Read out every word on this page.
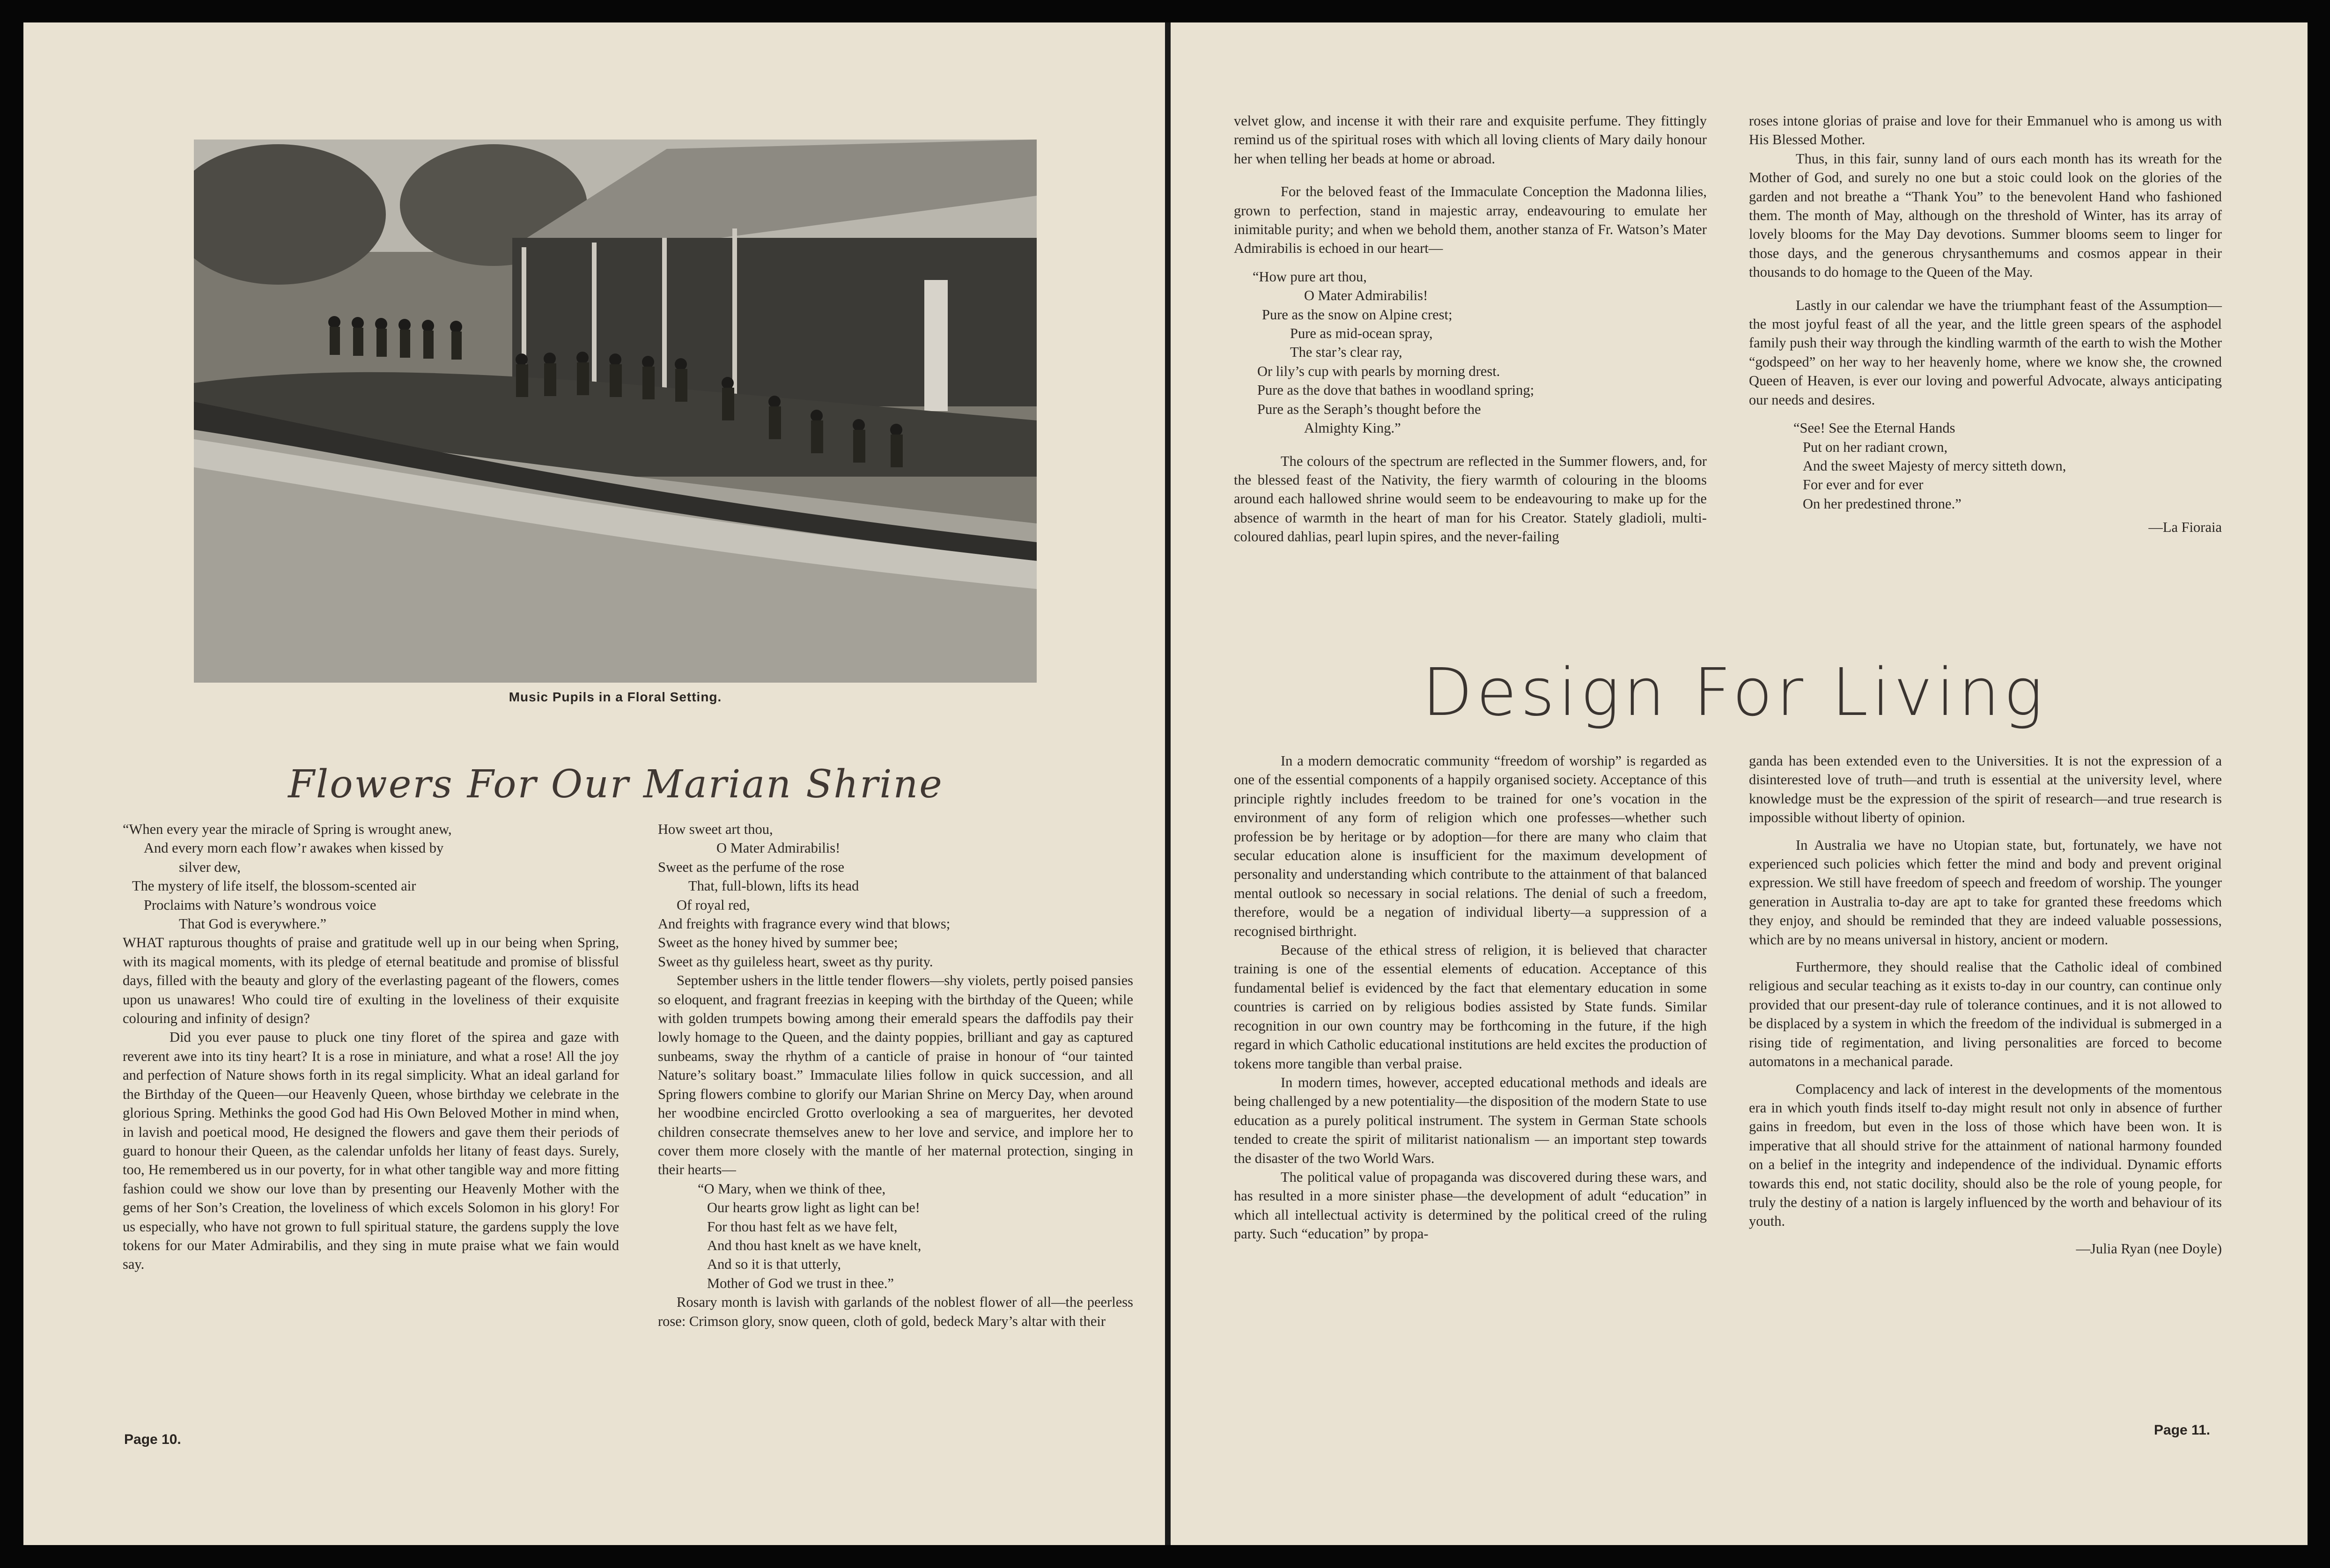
Music Pupils in a Floral Setting.
Flowers For Our Marian Shrine
“When every year the miracle of Spring is wrought anew,
And every morn each flow’r awakes when kissed by
silver dew,
The mystery of life itself, the blossom-scented air
Proclaims with Nature’s wondrous voice
That God is everywhere.”

WHAT rapturous thoughts of praise and gratitude well up in our being when Spring, with its magical moments, with its pledge of eternal beatitude and promise of blissful days, filled with the beauty and glory of the everlasting pageant of the flowers, comes upon us unawares! Who could tire of exulting in the loveliness of their exquisite colouring and infinity of design?

Did you ever pause to pluck one tiny floret of the spirea and gaze with reverent awe into its tiny heart? It is a rose in miniature, and what a rose! All the joy and perfection of Nature shows forth in its regal simplicity. What an ideal garland for the Birthday of the Queen—our Heavenly Queen, whose birthday we celebrate in the glorious Spring. Methinks the good God had His Own Beloved Mother in mind when, in lavish and poetical mood, He designed the flowers and gave them their periods of guard to honour their Queen, as the calendar unfolds her litany of feast days. Surely, too, He remembered us in our poverty, for in what other tangible way and more fitting fashion could we show our love than by presenting our Heavenly Mother with the gems of her Son’s Creation, the loveliness of which excels Solomon in his glory! For us especially, who have not grown to full spiritual stature, the gardens supply the love tokens for our Mater Admirabilis, and they sing in mute praise what we fain would say.

How sweet art thou,
O Mater Admirabilis!
Sweet as the perfume of the rose
That, full-blown, lifts its head
Of royal red,
And freights with fragrance every wind that blows;
Sweet as the honey hived by summer bee;
Sweet as thy guileless heart, sweet as thy purity.

September ushers in the little tender flowers—shy violets, pertly poised pansies so eloquent, and fragrant freezias in keeping with the birthday of the Queen; while with golden trumpets bowing among their emerald spears the daffodils pay their lowly homage to the Queen, and the dainty poppies, brilliant and gay as captured sunbeams, sway the rhythm of a canticle of praise in honour of “our tainted Nature’s solitary boast.” Immaculate lilies follow in quick succession, and all Spring flowers combine to glorify our Marian Shrine on Mercy Day, when around her woodbine encircled Grotto overlooking a sea of marguerites, her devoted children consecrate themselves anew to her love and service, and implore her to cover them more closely with the mantle of her maternal protection, singing in their hearts—

“O Mary, when we think of thee,
Our hearts grow light as light can be!
For thou hast felt as we have felt,
And thou hast knelt as we have knelt,
And so it is that utterly,
Mother of God we trust in thee.”

Rosary month is lavish with garlands of the noblest flower of all—the peerless rose: Crimson glory, snow queen, cloth of gold, bedeck Mary’s altar with their

Page 10.

velvet glow, and incense it with their rare and exquisite perfume. They fittingly remind us of the spiritual roses with which all loving clients of Mary daily honour her when telling her beads at home or abroad.

For the beloved feast of the Immaculate Conception the Madonna lilies, grown to perfection, stand in majestic array, endeavouring to emulate her inimitable purity; and when we behold them, another stanza of Fr. Watson’s Mater Admirabilis is echoed in our heart—

“How pure art thou,
O Mater Admirabilis!
Pure as the snow on Alpine crest;
Pure as mid-ocean spray,
The star’s clear ray,
Or lily’s cup with pearls by morning drest.
Pure as the dove that bathes in woodland spring;
Pure as the Seraph’s thought before the
Almighty King.”

The colours of the spectrum are reflected in the Summer flowers, and, for the blessed feast of the Nativity, the fiery warmth of colouring in the blooms around each hallowed shrine would seem to be endeavouring to make up for the absence of warmth in the heart of man for his Creator. Stately gladioli, multi-coloured dahlias, pearl lupin spires, and the never-failing

roses intone glorias of praise and love for their Emmanuel who is among us with His Blessed Mother.

Thus, in this fair, sunny land of ours each month has its wreath for the Mother of God, and surely no one but a stoic could look on the glories of the garden and not breathe a “Thank You” to the benevolent Hand who fashioned them. The month of May, although on the threshold of Winter, has its array of lovely blooms for the May Day devotions. Summer blooms seem to linger for those days, and the generous chrysanthemums and cosmos appear in their thousands to do homage to the Queen of the May.

Lastly in our calendar we have the triumphant feast of the Assumption—the most joyful feast of all the year, and the little green spears of the asphodel family push their way through the kindling warmth of the earth to wish the Mother “godspeed” on her way to her heavenly home, where we know she, the crowned Queen of Heaven, is ever our loving and powerful Advocate, always anticipating our needs and desires.

“See! See the Eternal Hands
Put on her radiant crown,
And the sweet Majesty of mercy sitteth down,
For ever and for ever
On her predestined throne.”

—La Fioraia

Design For Living

In a modern democratic community “freedom of worship” is regarded as one of the essential components of a happily organised society. Acceptance of this principle rightly includes freedom to be trained for one’s vocation in the environment of any form of religion which one professes—whether such profession be by heritage or by adoption—for there are many who claim that secular education alone is insufficient for the maximum development of personality and understanding which contribute to the attainment of that balanced mental outlook so necessary in social relations. The denial of such a freedom, therefore, would be a negation of individual liberty—a suppression of a recognised birthright.

Because of the ethical stress of religion, it is believed that character training is one of the essential elements of education. Acceptance of this fundamental belief is evidenced by the fact that elementary education in some countries is carried on by religious bodies assisted by State funds. Similar recognition in our own country may be forthcoming in the future, if the high regard in which Catholic educational institutions are held excites the production of tokens more tangible than verbal praise.

In modern times, however, accepted educational methods and ideals are being challenged by a new potentiality—the disposition of the modern State to use education as a purely political instrument. The system in German State schools tended to create the spirit of militarist nationalism — an important step towards the disaster of the two World Wars.

The political value of propaganda was discovered during these wars, and has resulted in a more sinister phase—the development of adult “education” in which all intellectual activity is determined by the political creed of the ruling party. Such “education” by propa-

ganda has been extended even to the Universities. It is not the expression of a disinterested love of truth—and truth is essential at the university level, where knowledge must be the expression of the spirit of research—and true research is impossible without liberty of opinion.

In Australia we have no Utopian state, but, fortunately, we have not experienced such policies which fetter the mind and body and prevent original expression. We still have freedom of speech and freedom of worship. The younger generation in Australia to-day are apt to take for granted these freedoms which they enjoy, and should be reminded that they are indeed valuable possessions, which are by no means universal in history, ancient or modern.

Furthermore, they should realise that the Catholic ideal of combined religious and secular teaching as it exists to-day in our country, can continue only provided that our present-day rule of tolerance continues, and it is not allowed to be displaced by a system in which the freedom of the individual is submerged in a rising tide of regimentation, and living personalities are forced to become automatons in a mechanical parade.

Complacency and lack of interest in the developments of the momentous era in which youth finds itself to-day might result not only in absence of further gains in freedom, but even in the loss of those which have been won. It is imperative that all should strive for the attainment of national harmony founded on a belief in the integrity and independence of the individual. Dynamic efforts towards this end, not static docility, should also be the role of young people, for truly the destiny of a nation is largely influenced by the worth and behaviour of its youth.

—Julia Ryan (nee Doyle)

Page 11.
